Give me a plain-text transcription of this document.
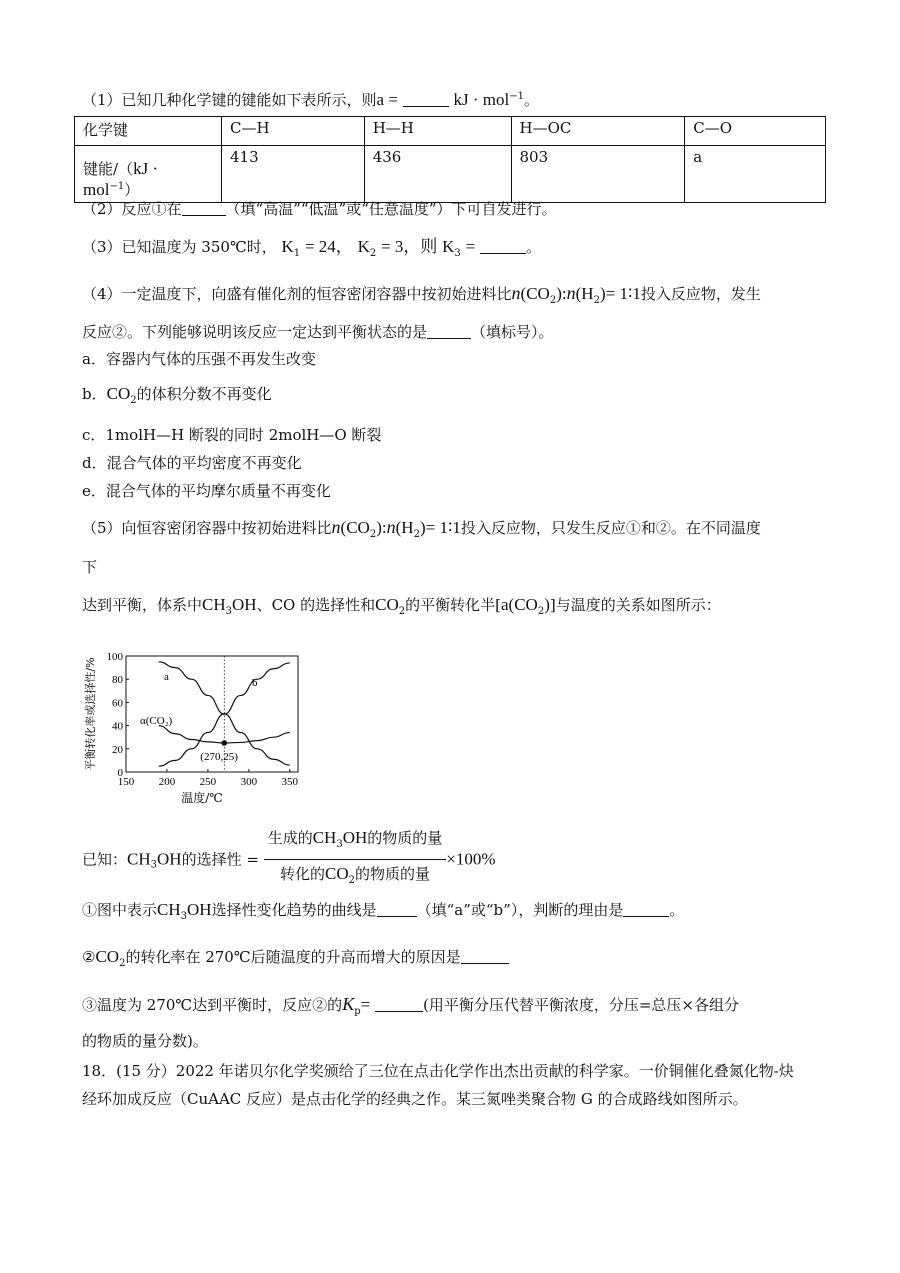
（1）已知几种化学键的键能如下表所示，则a =	kJ · mol$^{-1}$。
化学键	C—H	H—H	H—OC	C—O
键能/（kJ · mol$^{-1}$）	413	436	803	a
（2）反应①在	（填“高温”“低温”或“任意温度”）下可自发进行。
（3）已知温度为 350℃时， $K_1 = 24$， $K_2 = 3$，则 $K_3$ =	。
（4）一定温度下，向盛有催化剂的恒容密闭容器中按初始进料比$n(CO_2):n(H_2)=$ 1∶1投入反应物，发生
反应②。下列能够说明该反应一定达到平衡状态的是	（填标号）。
a．容器内气体的压强不再发生改变
b．$CO_2$的体积分数不再变化
c．1molH—H 断裂的同时 2molH—O 断裂
d．混合气体的平均密度不再变化
e．混合气体的平均摩尔质量不再变化
（5）向恒容密闭容器中按初始进料比$n(CO_2):n(H_2)=$ 1∶1投入反应物，只发生反应①和②。在不同温度
下
达到平衡，体系中$CH_3OH$、CO 的选择性和$CO_2$的平衡转化半$[a(CO_2)]$与温度的关系如图所示：
平衡转化率或选择性/%
150 200 250 300 350
0
20
40
60
80
100
a	b
α(CO₂)
(270,25)
温度/℃
已知：$CH_3OH$的选择性 = $\frac{生成的CH_3OH的物质的量}{转化的CO_2的物质的量} \times 100\%$
①图中表示$CH_3OH$选择性变化趋势的曲线是	（填“a”或“b”），判断的理由是	。
$②CO_2$的转化率在 270℃后随温度的升高而增大的原因是
③温度为 270℃达到平衡时，反应②的$K_p=$	(用平衡分压代替平衡浓度，分压=总压×各组分
的物质的量分数)。
18．(15 分）2022 年诺贝尔化学奖颁给了三位在点击化学作出杰出贡献的科学家。一价铜催化叠氮化物-炔
经环加成反应（CuAAC 反应）是点击化学的经典之作。某三氮唑类聚合物 G 的合成路线如图所示。
